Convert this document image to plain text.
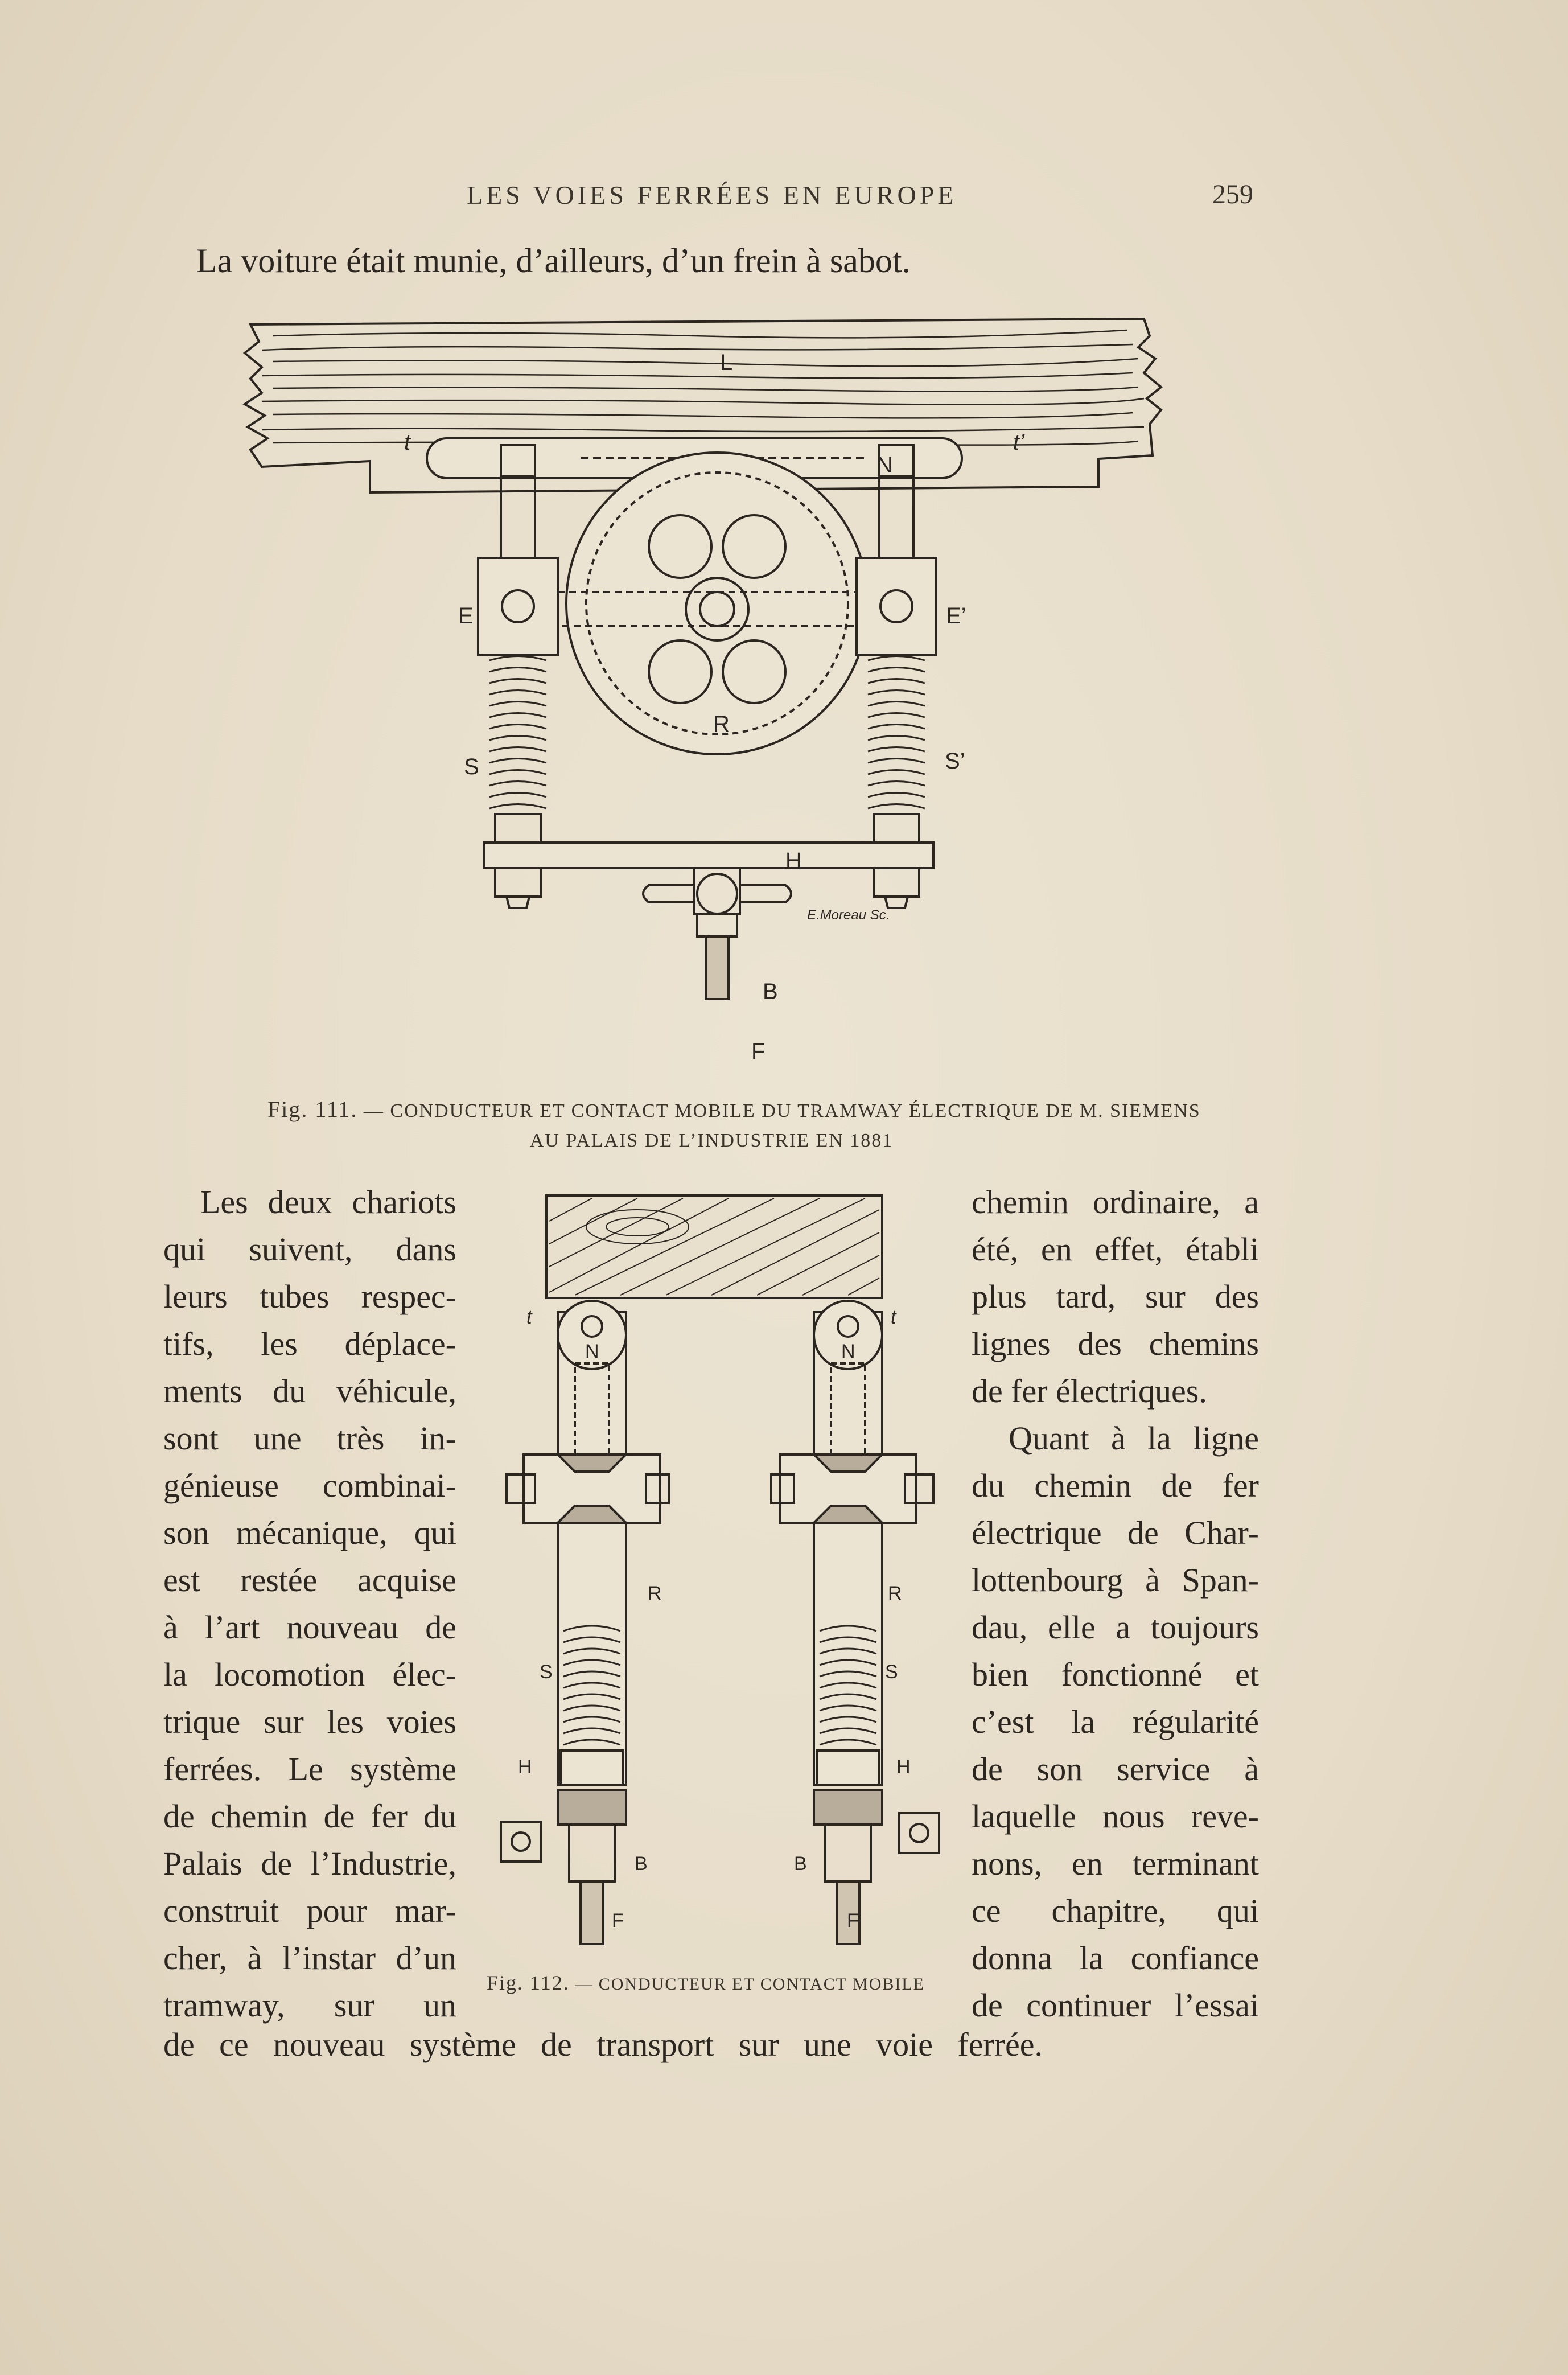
LES VOIES FERRÉES EN EUROPE	259
La voiture était munie, d’ailleurs, d’un frein à sabot.
L
t	t’
N
E	E’
R
S	S’
H
B
F
E.Moreau Sc.
Fig. 111. — CONDUCTEUR ET CONTACT MOBILE DU TRAMWAY ÉLECTRIQUE DE M. SIEMENS
AU PALAIS DE L’INDUSTRIE EN 1881
Les deux chariots
qui suivent, dans
leurs tubes respec-
tifs, les déplace-
ments du véhicule,
sont une très in-
génieuse combinai-
son mécanique, qui
est restée acquise
à l’art nouveau de
la locomotion élec-
trique sur les voies
ferrées. Le système
de chemin de fer du
Palais de l’Industrie,
construit pour mar-
cher, à l’instar d’un
tramway, sur un
t	t
N	N
R	R
S	S
H	H
B	B
F	F
Fig. 112. — CONDUCTEUR ET CONTACT MOBILE
chemin ordinaire, a
été, en effet, établi
plus tard, sur des
lignes des chemins
de fer électriques.
Quant à la ligne
du chemin de fer
électrique de Char-
lottenbourg à Span-
dau, elle a toujours
bien fonctionné et
c’est la régularité
de son service à
laquelle nous reve-
nons, en terminant
ce chapitre, qui
donna la confiance
de continuer l’essai
de ce nouveau système de transport sur une voie ferrée.
